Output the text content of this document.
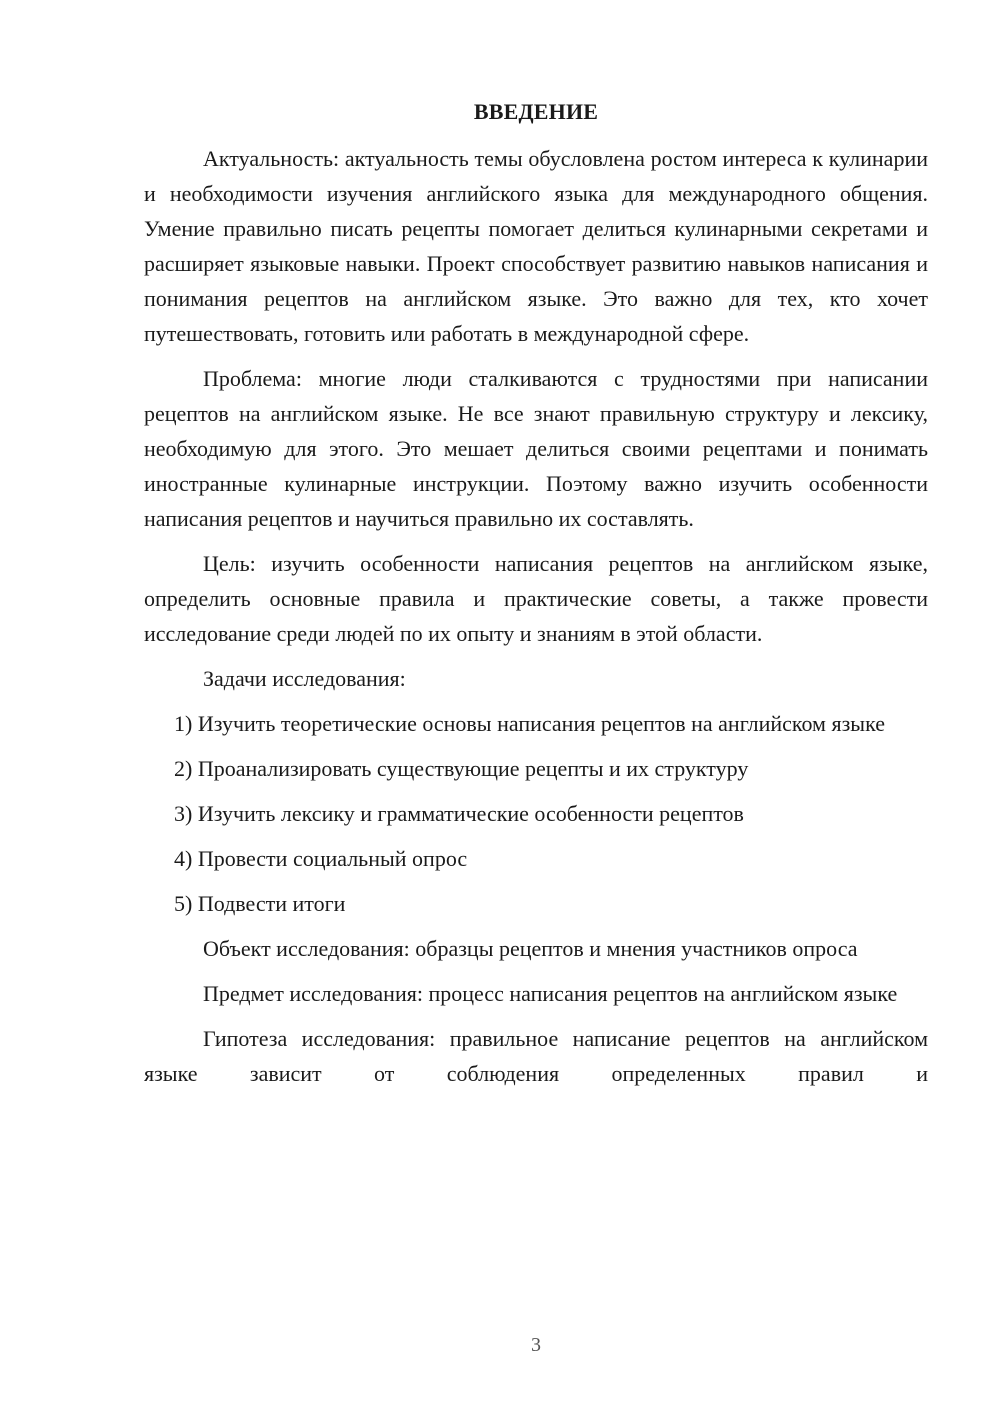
ВВЕДЕНИЕ

Актуальность: актуальность темы обусловлена ростом интереса к кулинарии и необходимости изучения английского языка для международного общения. Умение правильно писать рецепты помогает делиться кулинарными секретами и расширяет языковые навыки. Проект способствует развитию навыков написания и понимания рецептов на английском языке. Это важно для тех, кто хочет путешествовать, готовить или работать в международной сфере.

Проблема: многие люди сталкиваются с трудностями при написании рецептов на английском языке. Не все знают правильную структуру и лексику, необходимую для этого. Это мешает делиться своими рецептами и понимать иностранные кулинарные инструкции. Поэтому важно изучить особенности написания рецептов и научиться правильно их составлять.

Цель: изучить особенности написания рецептов на английском языке, определить основные правила и практические советы, а также провести исследование среди людей по их опыту и знаниям в этой области.

Задачи исследования:

1) Изучить теоретические основы написания рецептов на английском языке

2) Проанализировать существующие рецепты и их структуру

3) Изучить лексику и грамматические особенности рецептов

4) Провести социальный опрос

5) Подвести итоги

Объект исследования: образцы рецептов и мнения участников опроса

Предмет исследования: процесс написания рецептов на английском языке

Гипотеза исследования: правильное написание рецептов на английском языке зависит от соблюдения определенных правил и

3
